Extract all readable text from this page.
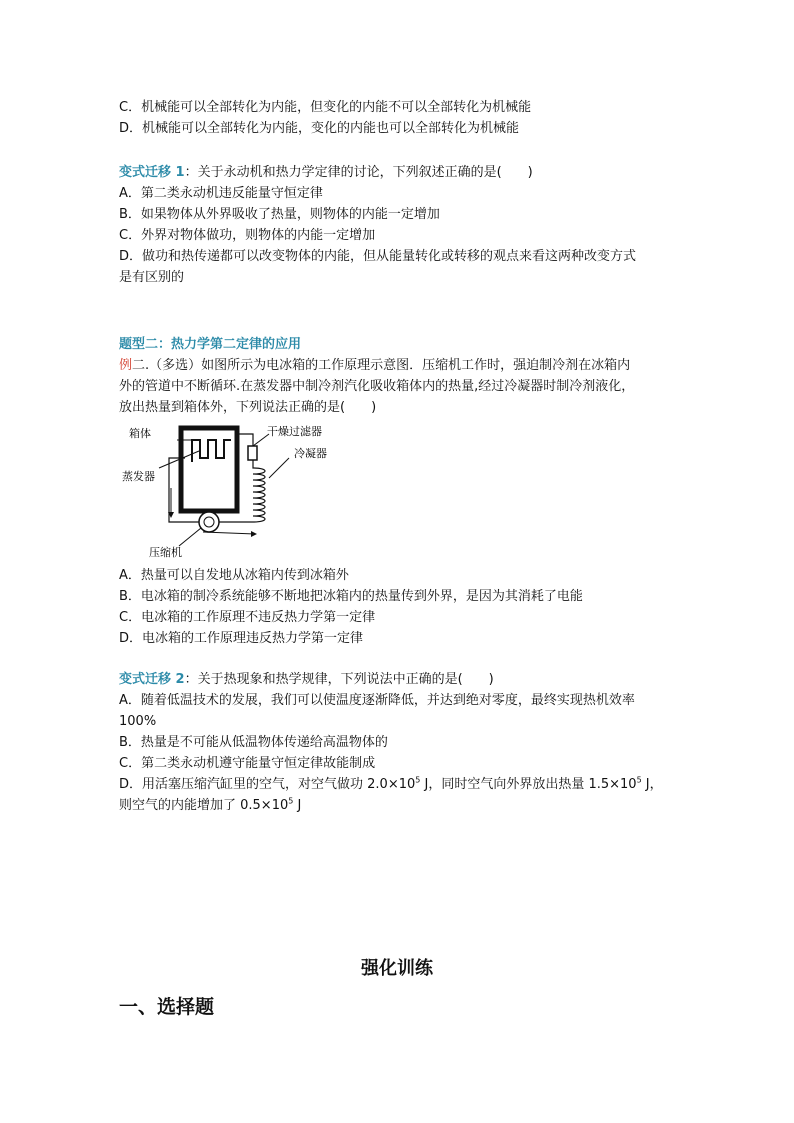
C．机械能可以全部转化为内能，但变化的内能不可以全部转化为机械能
D．机械能可以全部转化为内能，变化的内能也可以全部转化为机械能
变式迁移 1：关于永动机和热力学定律的讨论，下列叙述正确的是(　　)
A．第二类永动机违反能量守恒定律
B．如果物体从外界吸收了热量，则物体的内能一定增加
C．外界对物体做功，则物体的内能一定增加
D．做功和热传递都可以改变物体的内能，但从能量转化或转移的观点来看这两种改变方式
是有区别的
题型二：热力学第二定律的应用
例二.（多选）如图所示为电冰箱的工作原理示意图．压缩机工作时，强迫制冷剂在冰箱内
外的管道中不断循环.在蒸发器中制冷剂汽化吸收箱体内的热量,经过冷凝器时制冷剂液化，
放出热量到箱体外，下列说法正确的是(　　)
箱体	干燥过滤器
冷凝器
蒸发器
压缩机
A．热量可以自发地从冰箱内传到冰箱外
B．电冰箱的制冷系统能够不断地把冰箱内的热量传到外界，是因为其消耗了电能
C．电冰箱的工作原理不违反热力学第一定律
D．电冰箱的工作原理违反热力学第一定律
变式迁移 2：关于热现象和热学规律，下列说法中正确的是(　　)
A．随着低温技术的发展，我们可以使温度逐渐降低，并达到绝对零度，最终实现热机效率
100%
B．热量是不可能从低温物体传递给高温物体的
C．第二类永动机遵守能量守恒定律故能制成
D．用活塞压缩汽缸里的空气，对空气做功 $2.0\times 10^5$ J，同时空气向外界放出热量 $1.5\times 10^5$ J，
则空气的内能增加了 $0.5\times 10^5$ J
强化训练
一、选择题
